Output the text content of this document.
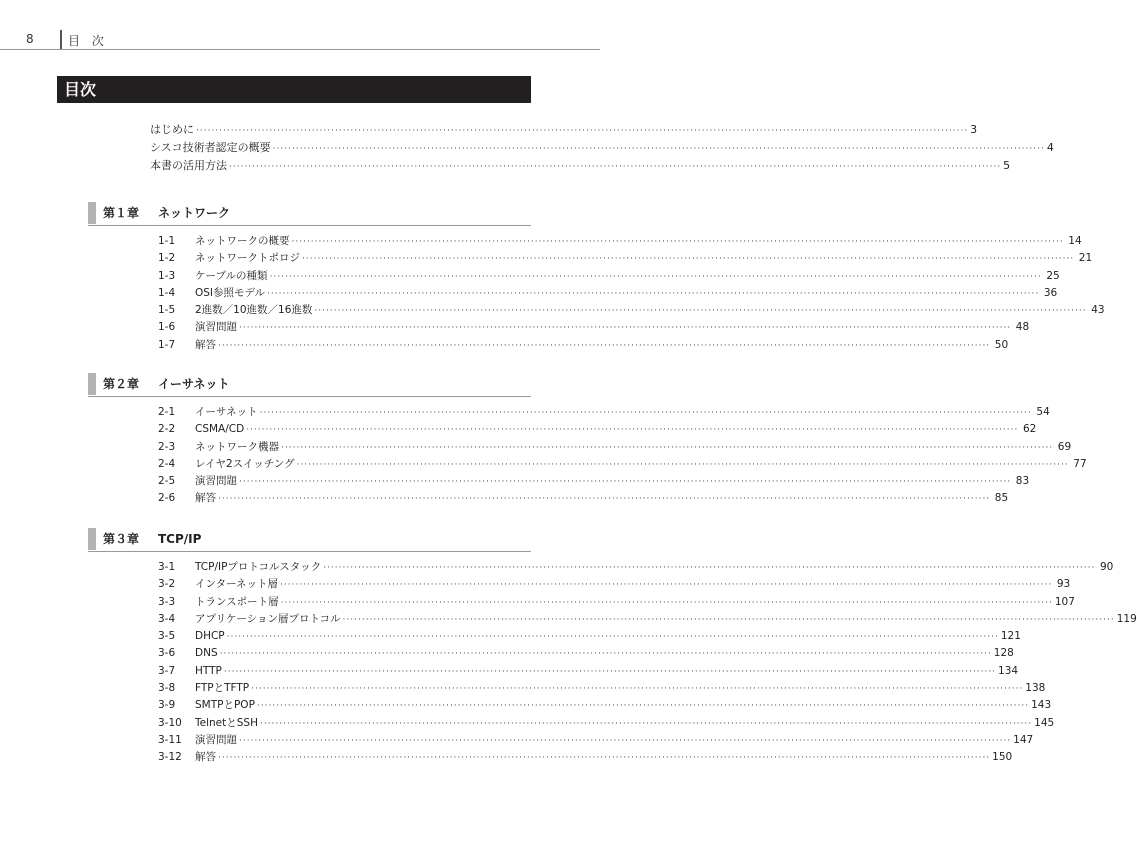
8	目 次
目次
はじめに ········································································································································································································ 3
シスコ技術者認定の概要 ········································································································································································································ 4
本書の活用方法 ········································································································································································································ 5
第１章 ネットワーク
1-1	ネットワークの概要 ········································································································································································································ 14
1-2	ネットワークトポロジ ········································································································································································································ 21
1-3	ケーブルの種類 ········································································································································································································ 25
1-4	OSI参照モデル ········································································································································································································ 36
1-5	2進数／10進数／16進数 ········································································································································································································ 43
1-6	演習問題 ········································································································································································································ 48
1-7	解答 ········································································································································································································ 50
第２章 イーサネット
2-1	イーサネット ········································································································································································································ 54
2-2	CSMA/CD ········································································································································································································ 62
2-3	ネットワーク機器 ········································································································································································································ 69
2-4	レイヤ2スイッチング ········································································································································································································ 77
2-5	演習問題 ········································································································································································································ 83
2-6	解答 ········································································································································································································ 85
第３章 TCP/IP
3-1	TCP/IPプロトコルスタック ········································································································································································································ 90
3-2	インターネット層 ········································································································································································································ 93
3-3	トランスポート層 ········································································································································································································ 107
3-4	アプリケーション層プロトコル ········································································································································································································ 119
3-5	DHCP ········································································································································································································ 121
3-6	DNS ········································································································································································································ 128
3-7	HTTP ········································································································································································································ 134
3-8	FTPとTFTP ········································································································································································································ 138
3-9	SMTPとPOP ········································································································································································································ 143
3-10	TelnetとSSH ········································································································································································································ 145
3-11	演習問題 ········································································································································································································ 147
3-12	解答 ········································································································································································································ 150
